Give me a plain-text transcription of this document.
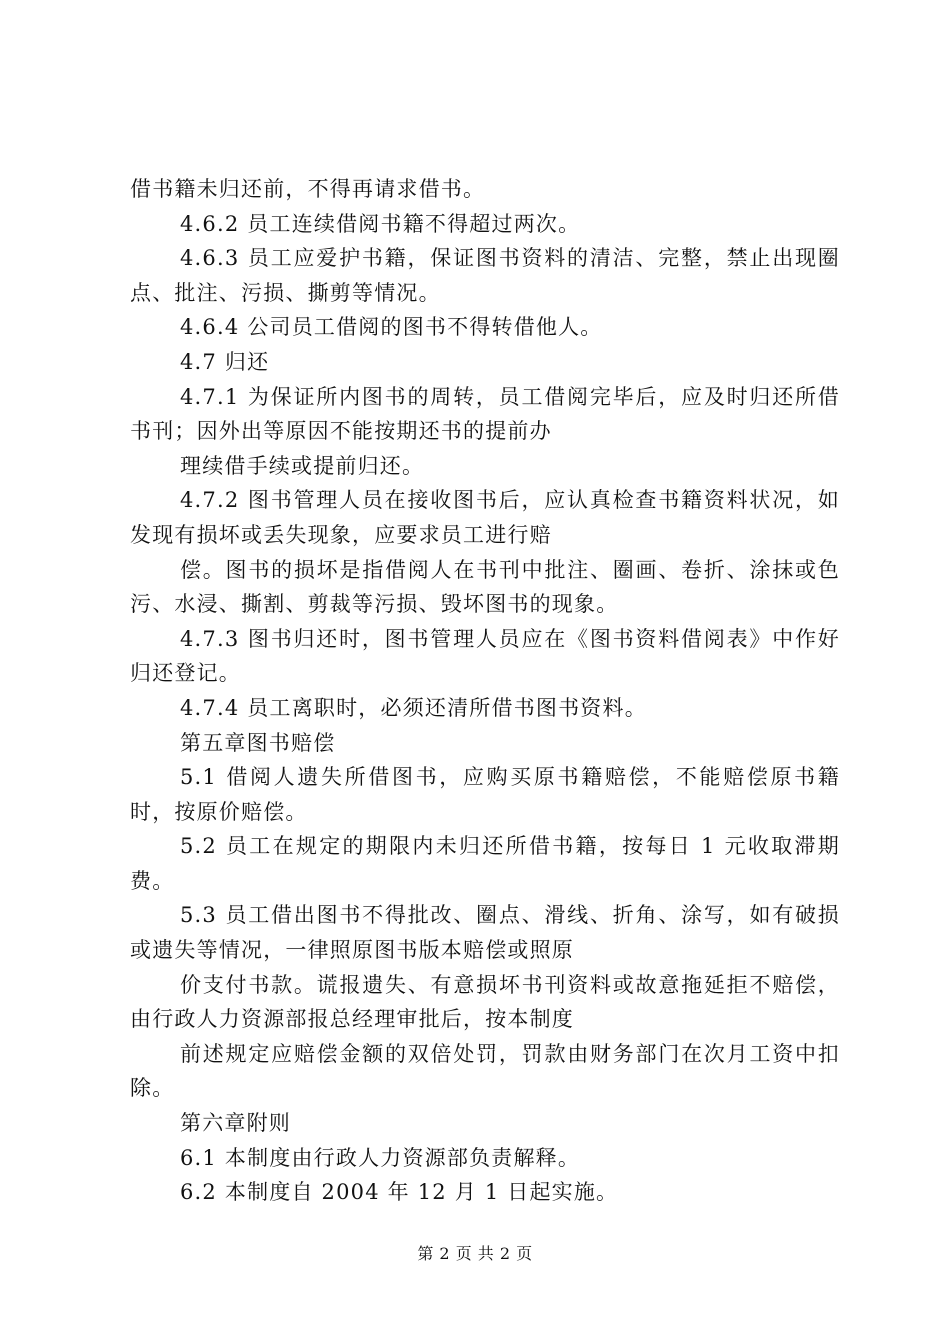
借书籍未归还前，不得再请求借书。

4.6.2 员工连续借阅书籍不得超过两次。

4.6.3 员工应爱护书籍，保证图书资料的清洁、完整，禁止出现圈点、批注、污损、撕剪等情况。

4.6.4 公司员工借阅的图书不得转借他人。

4.7 归还

4.7.1 为保证所内图书的周转，员工借阅完毕后，应及时归还所借书刊；因外出等原因不能按期还书的提前办

理续借手续或提前归还。

4.7.2 图书管理人员在接收图书后，应认真检查书籍资料状况，如发现有损坏或丢失现象，应要求员工进行赔

偿。图书的损坏是指借阅人在书刊中批注、圈画、卷折、涂抹或色污、水浸、撕割、剪裁等污损、毁坏图书的现象。

4.7.3 图书归还时，图书管理人员应在《图书资料借阅表》中作好归还登记。

4.7.4 员工离职时，必须还清所借书图书资料。

第五章图书赔偿

5.1 借阅人遗失所借图书，应购买原书籍赔偿，不能赔偿原书籍时，按原价赔偿。

5.2 员工在规定的期限内未归还所借书籍，按每日 1 元收取滞期费。

5.3 员工借出图书不得批改、圈点、滑线、折角、涂写，如有破损或遗失等情况，一律照原图书版本赔偿或照原

价支付书款。谎报遗失、有意损坏书刊资料或故意拖延拒不赔偿，由行政人力资源部报总经理审批后，按本制度

前述规定应赔偿金额的双倍处罚，罚款由财务部门在次月工资中扣除。

第六章附则

6.1 本制度由行政人力资源部负责解释。

6.2 本制度自 2004 年 12 月 1 日起实施。

第 2 页 共 2 页
